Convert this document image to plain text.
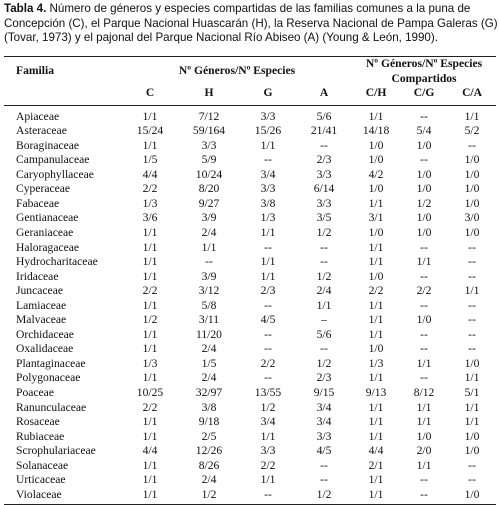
Tabla 4. Número de géneros y especies compartidas de las familias comunes a la puna de Concepción (C), el Parque Nacional Huascarán (H), la Reserva Nacional de Pampa Galeras (G) (Tovar, 1973) y el pajonal del Parque Nacional Río Abiseo (A) (Young & León, 1990).
Familia	Nº Géneros/Nº Especies				Nº Géneros/Nº Especies
Compartidos		

	C	H	G	A	C/H	C/G	C/A
Apiaceae	1/1	7/12	3/3	5/6	1/1	--	1/1
Asteraceae	15/24	59/164	15/26	21/41	14/18	5/4	5/2
Boraginaceae	1/1	3/3	1/1	--	1/0	1/0	--
Campanulaceae	1/5	5/9	--	2/3	1/0	--	1/0
Caryophyllaceae	4/4	10/24	3/4	3/3	4/2	1/0	1/0
Cyperaceae	2/2	8/20	3/3	6/14	1/0	1/0	1/0
Fabaceae	1/3	9/27	3/8	3/3	1/1	1/2	1/0
Gentianaceae	3/6	3/9	1/3	3/5	3/1	1/0	3/0
Geraniaceae	1/1	2/4	1/1	1/2	1/0	1/0	1/0
Haloragaceae	1/1	1/1	--	--	1/1	--	--
Hydrocharitaceae	1/1	--	1/1	--	1/1	1/1	--
Iridaceae	1/1	3/9	1/1	1/2	1/0	--	--
Juncaceae	2/2	3/12	2/3	2/4	2/2	2/2	1/1
Lamiaceae	1/1	5/8	--	1/1	1/1	--	--
Malvaceae	1/2	3/11	4/5	–	1/1	1/0	--
Orchidaceae	1/1	11/20	--	5/6	1/1	--	--
Oxalidaceae	1/1	2/4	--	--	1/0	--	--
Plantaginaceae	1/3	1/5	2/2	1/2	1/3	1/1	1/0
Polygonaceae	1/1	2/4	--	2/3	1/1	--	1/1
Poaceae	10/25	32/97	13/55	9/15	9/13	8/12	5/1
Ranunculaceae	2/2	3/8	1/2	3/4	1/1	1/1	1/1
Rosaceae	1/1	9/18	3/4	3/4	1/1	1/1	1/1
Rubiaceae	1/1	2/5	1/1	3/3	1/1	1/0	1/0
Scrophulariaceae	4/4	12/26	3/3	4/5	4/4	2/0	1/0
Solanaceae	1/1	8/26	2/2	--	2/1	1/1	--
Urticaceae	1/1	2/4	1/1	--	1/1	--	--
Violaceae	1/1	1/2	--	1/2	1/1	--	1/0
